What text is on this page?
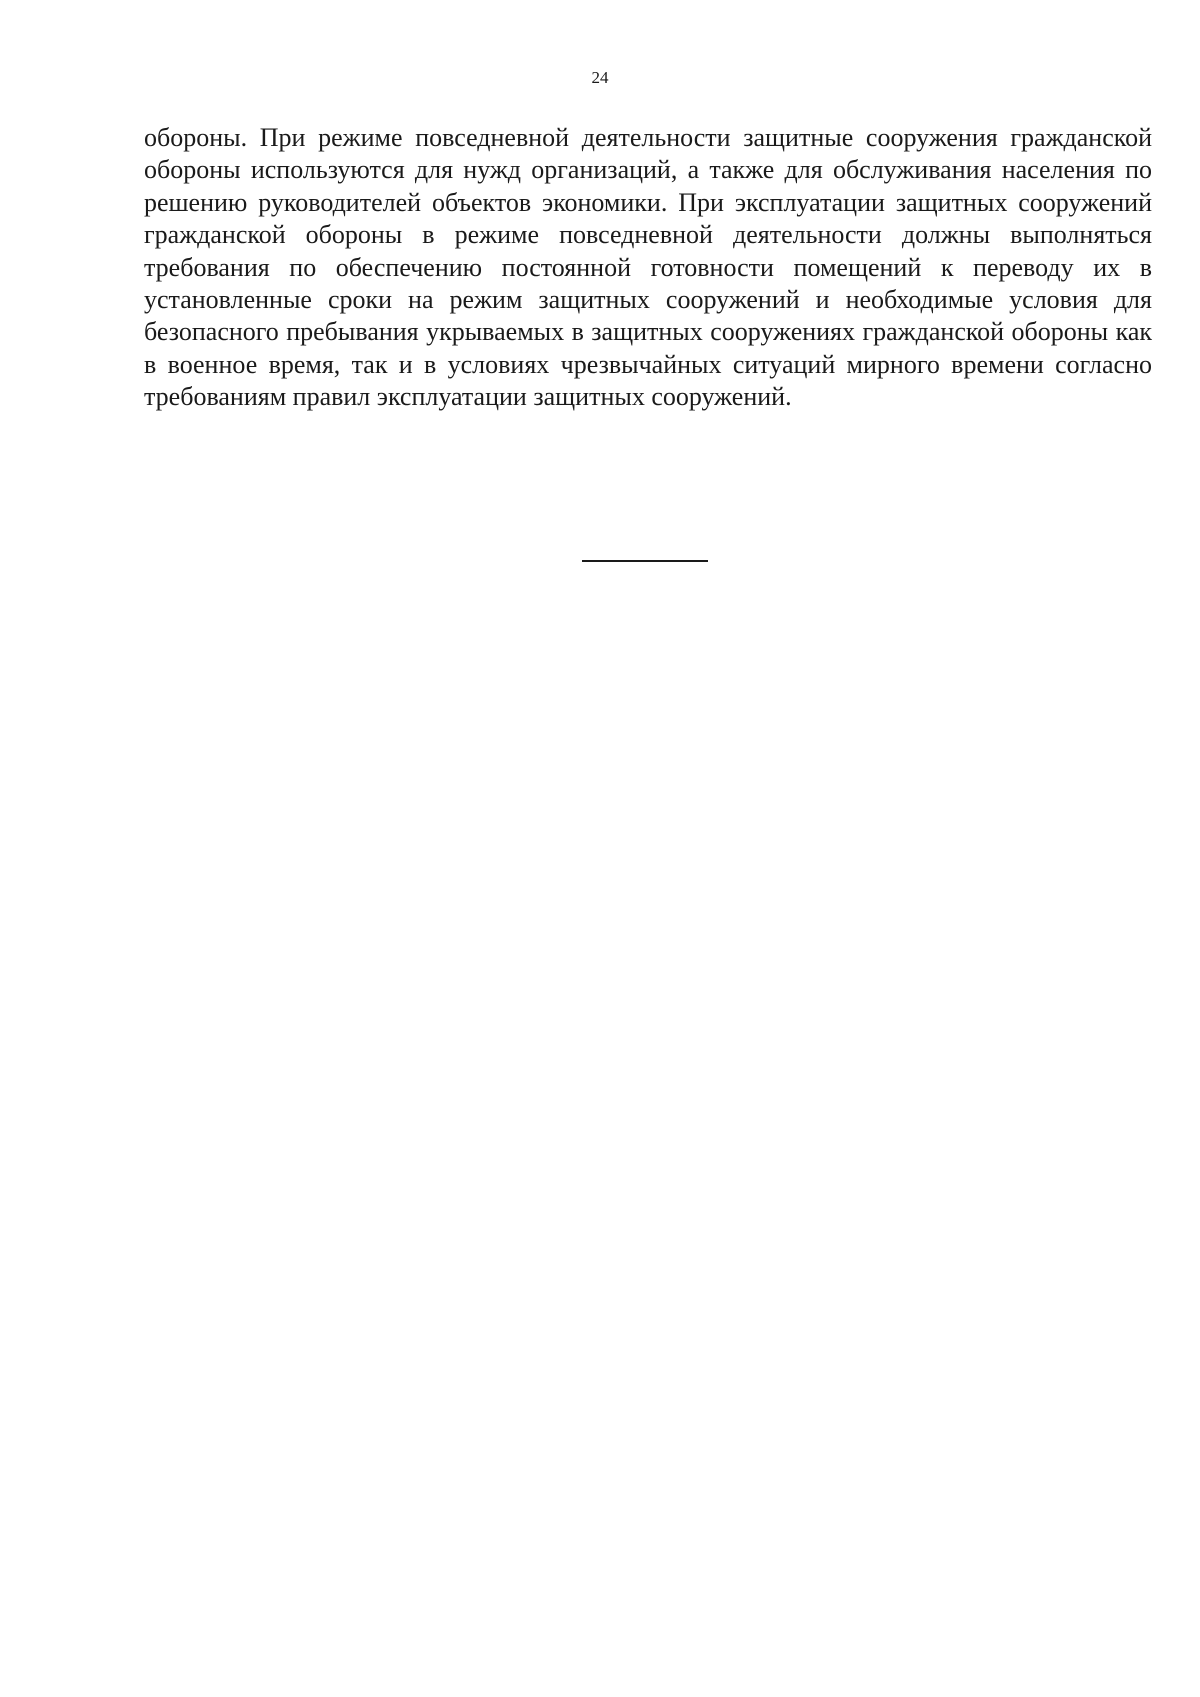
24

обороны. При режиме повседневной деятельности защитные сооружения гражданской обороны используются для нужд организаций, а также для обслуживания населения по решению руководителей объектов экономики. При эксплуатации защитных сооружений гражданской обороны в режиме повседневной деятельности должны выполняться требования по обеспечению постоянной готовности помещений к переводу их в установленные сроки на режим защитных сооружений и необходимые условия для безопасного пребывания укрываемых в защитных сооружениях гражданской обороны как в военное время, так и в условиях чрезвычайных ситуаций мирного времени согласно требованиям правил эксплуатации защитных сооружений.
